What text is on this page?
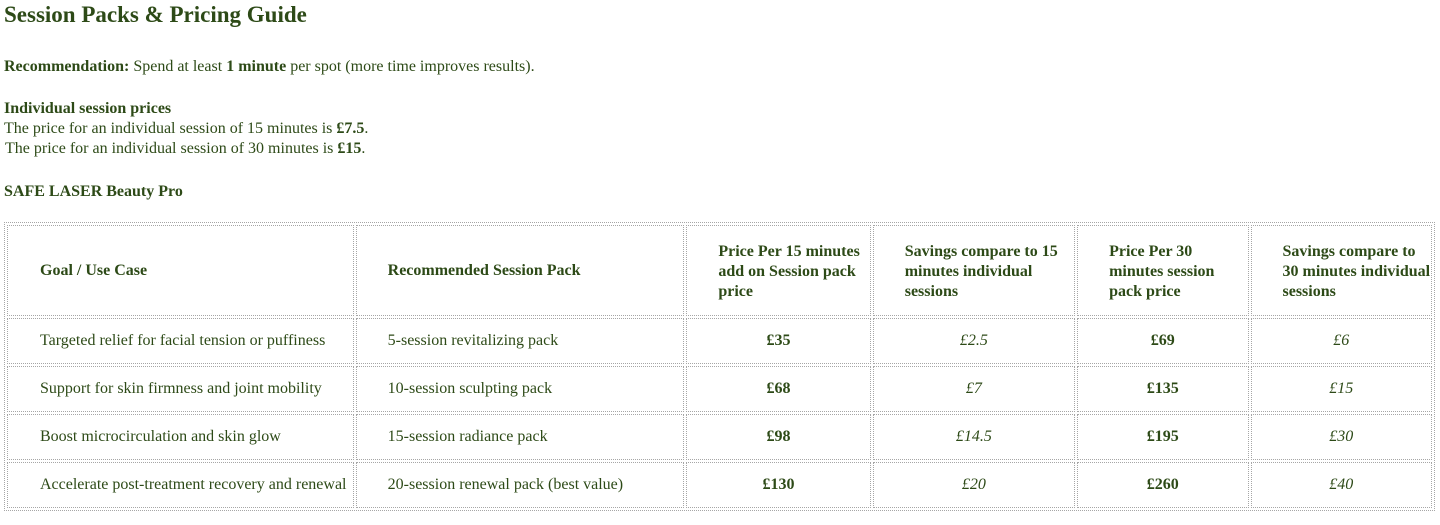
Session Packs & Pricing Guide
Recommendation: Spend at least 1 minute per spot (more time improves results).
Individual session prices
The price for an individual session of 15 minutes is £7.5.
The price for an individual session of 30 minutes is £15.
SAFE LASER Beauty Pro
Goal / Use Case	Recommended Session Pack	Price Per 15 minutes add on Session pack price	Savings compare to 15 minutes individual sessions	Price Per 30 minutes session pack price	Savings compare to 30 minutes individual sessions

Targeted relief for facial tension or puffiness	5-session revitalizing pack	£35	£2.5	£69	£6
Support for skin firmness and joint mobility	10-session sculpting pack	£68	£7	£135	£15
Boost microcirculation and skin glow	15-session radiance pack	£98	£14.5	£195	£30
Accelerate post-treatment recovery and renewal	20-session renewal pack (best value)	£130	£20	£260	£40
